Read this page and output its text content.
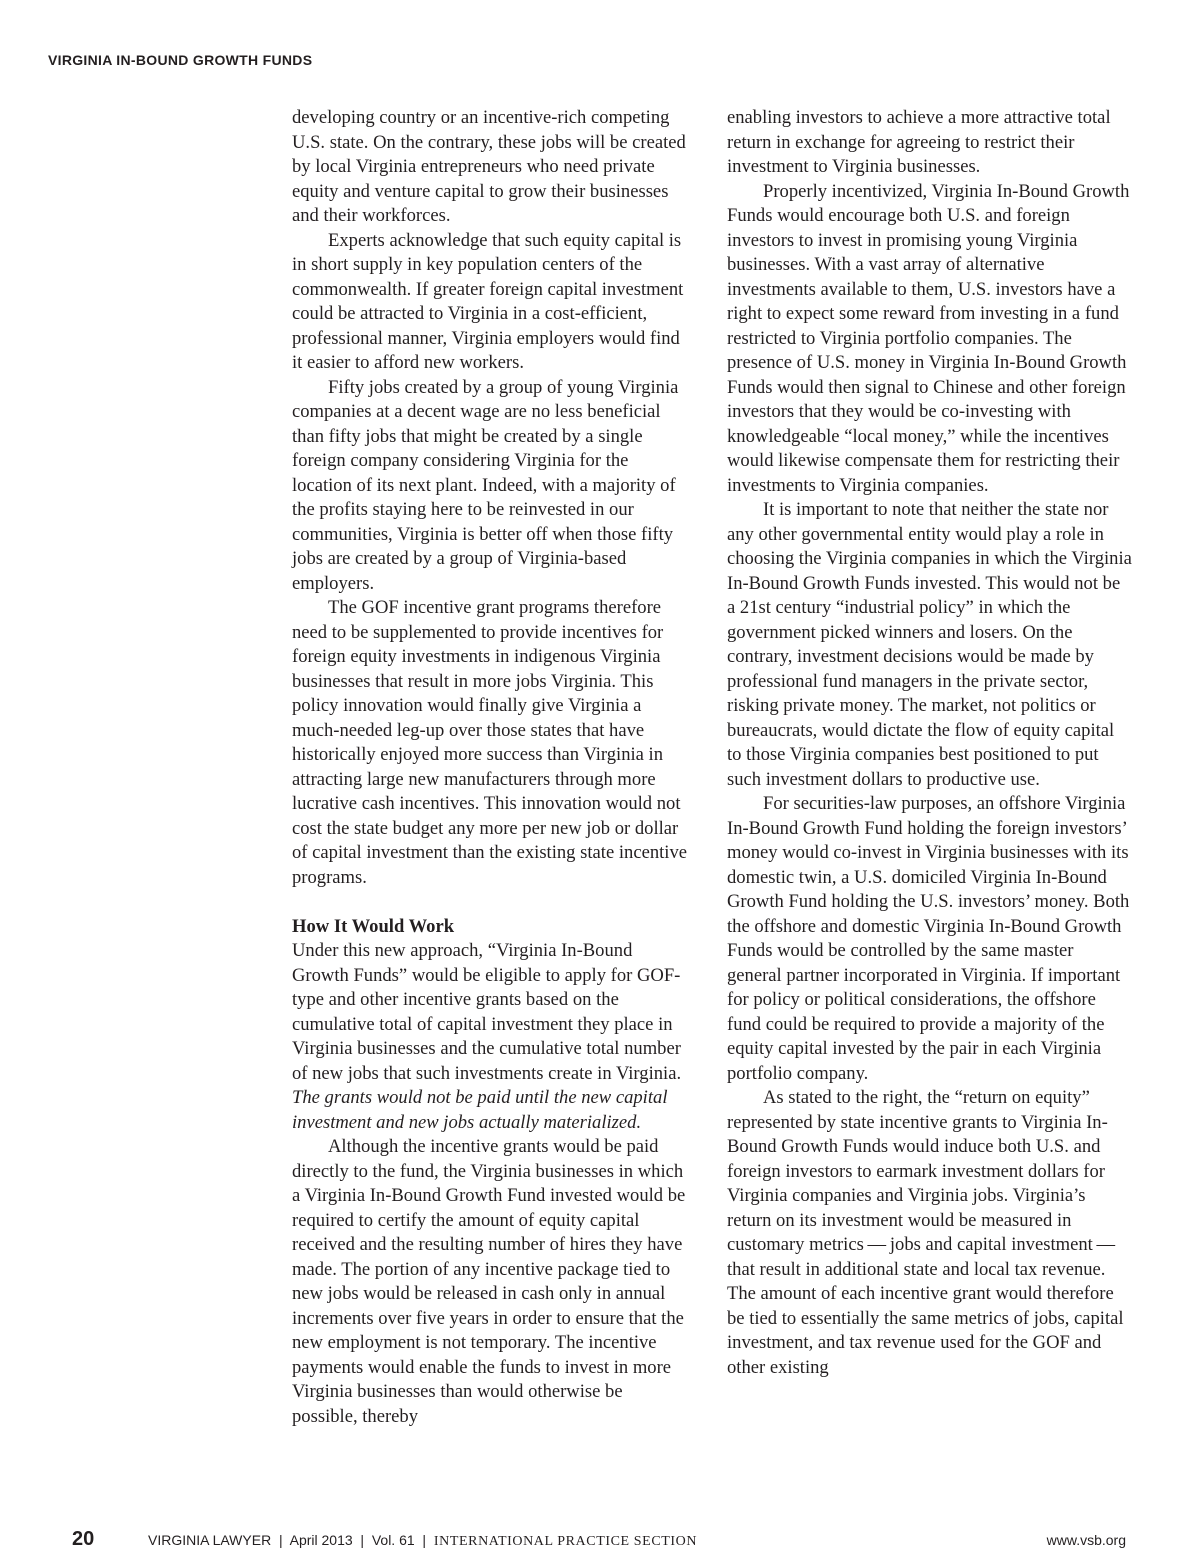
VIRGINIA IN-BOUND GROWTH FUNDS

developing country or an incentive-rich competing U.S. state. On the contrary, these jobs will be created by local Virginia entrepreneurs who need private equity and venture capital to grow their businesses and their workforces.

Experts acknowledge that such equity capital is in short supply in key population centers of the commonwealth. If greater foreign capital investment could be attracted to Virginia in a cost-efficient, professional manner, Virginia employers would find it easier to afford new workers.

Fifty jobs created by a group of young Virginia companies at a decent wage are no less beneficial than fifty jobs that might be created by a single foreign company considering Virginia for the location of its next plant. Indeed, with a majority of the profits staying here to be reinvested in our communities, Virginia is better off when those fifty jobs are created by a group of Virginia-based employers.

The GOF incentive grant programs therefore need to be supplemented to provide incentives for foreign equity investments in indigenous Virginia businesses that result in more jobs Virginia. This policy innovation would finally give Virginia a much-needed leg-up over those states that have historically enjoyed more success than Virginia in attracting large new manufacturers through more lucrative cash incentives. This innovation would not cost the state budget any more per new job or dollar of capital investment than the existing state incentive programs.

How It Would Work

Under this new approach, “Virginia In-Bound Growth Funds” would be eligible to apply for GOF-type and other incentive grants based on the cumulative total of capital investment they place in Virginia businesses and the cumulative total number of new jobs that such investments create in Virginia. The grants would not be paid until the new capital investment and new jobs actually materialized.

Although the incentive grants would be paid directly to the fund, the Virginia businesses in which a Virginia In-Bound Growth Fund invested would be required to certify the amount of equity capital received and the resulting number of hires they have made. The portion of any incentive package tied to new jobs would be released in cash only in annual increments over five years in order to ensure that the new employment is not temporary. The incentive payments would enable the funds to invest in more Virginia businesses than would otherwise be possible, thereby

enabling investors to achieve a more attractive total return in exchange for agreeing to restrict their investment to Virginia businesses.

Properly incentivized, Virginia In-Bound Growth Funds would encourage both U.S. and foreign investors to invest in promising young Virginia businesses. With a vast array of alternative investments available to them, U.S. investors have a right to expect some reward from investing in a fund restricted to Virginia portfolio companies. The presence of U.S. money in Virginia In-Bound Growth Funds would then signal to Chinese and other foreign investors that they would be co-investing with knowledgeable “local money,” while the incentives would likewise compensate them for restricting their investments to Virginia companies.

It is important to note that neither the state nor any other governmental entity would play a role in choosing the Virginia companies in which the Virginia In-Bound Growth Funds invested. This would not be a 21st century “industrial policy” in which the government picked winners and losers. On the contrary, investment decisions would be made by professional fund managers in the private sector, risking private money. The market, not politics or bureaucrats, would dictate the flow of equity capital to those Virginia companies best positioned to put such investment dollars to productive use.

For securities-law purposes, an offshore Virginia In-Bound Growth Fund holding the foreign investors’ money would co-invest in Virginia businesses with its domestic twin, a U.S. domiciled Virginia In-Bound Growth Fund holding the U.S. investors’ money. Both the offshore and domestic Virginia In-Bound Growth Funds would be controlled by the same master general partner incorporated in Virginia. If important for policy or political considerations, the offshore fund could be required to provide a majority of the equity capital invested by the pair in each Virginia portfolio company.

As stated to the right, the “return on equity” represented by state incentive grants to Virginia In-Bound Growth Funds would induce both U.S. and foreign investors to earmark investment dollars for Virginia companies and Virginia jobs. Virginia’s return on its investment would be measured in customary metrics — jobs and capital investment — that result in additional state and local tax revenue. The amount of each incentive grant would therefore be tied to essentially the same metrics of jobs, capital investment, and tax revenue used for the GOF and other existing

20	VIRGINIA LAWYER  |  April 2013  |  Vol. 61  |  INTERNATIONAL PRACTICE SECTION	www.vsb.org
